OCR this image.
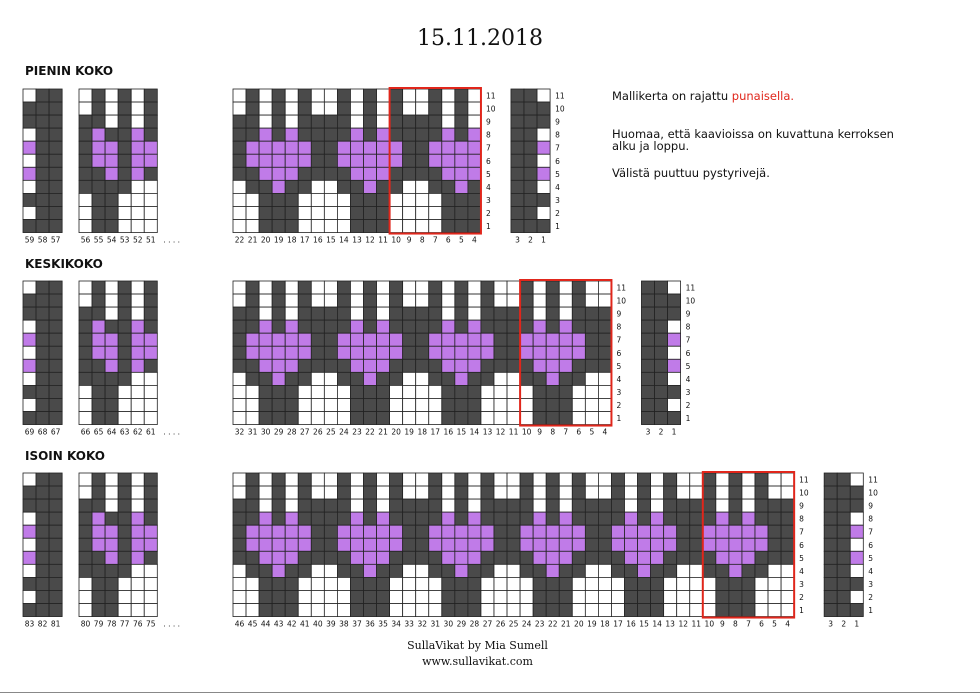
15.11.2018
PIENIN KOKO
KESKIKOKO
ISOIN KOKO
Mallikerta on rajattu punaisella.
Huomaa, että kaavioissa on kuvattuna kerroksen alku ja loppu.
Välistä puuttuu pystyrivejä.
59 58 57	56 55 54 53 52 51 . . . .	22 21 20 19 18 17 16 15 14 13 12 11 10 9 8 7 6 5 4
11
10
9
8
7
6
5
4
3
2
1
3 2 1
11
10
9
8
7
6
5
4
3
2
1
69 68 67	66 65 64 63 62 61 . . . .	32 31 30 29 28 27 26 25 24 23 22 21 20 19 18 17 16 15 14 13 12 11 10 9 8 7 6 5 4
11
10
9
8
7
6
5
4
3
2
1
3 2 1
11
10
9
8
7
6
5
4
3
2
1
83 82 81	80 79 78 77 76 75 . . . .	46 45 44 43 42 41 40 39 38 37 36 35 34 33 32 31 30 29 28 27 26 25 24 23 22 21 20 19 18 17 16 15 14 13 12 11 10 9 8 7 6 5 4
11
10
9
8
7
6
5
4
3
2
1
3 2 1
11
10
9
8
7
6
5
4
3
2
1
SullaVikat by Mia Sumell
www.sullavikat.com
